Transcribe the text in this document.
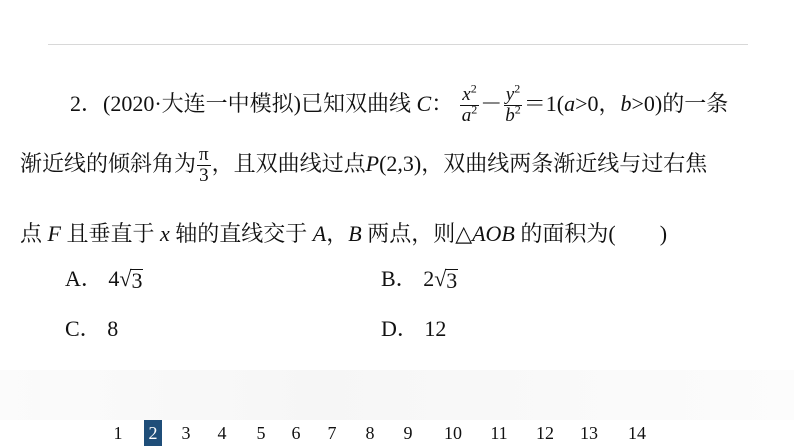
2．(2020·大连一中模拟)已知双曲线 C： $\frac{x^2}{a^2} - \frac{y^2}{b^2} =1(a>0$，b>0)的一条
渐近线的倾斜角为 $\frac{\pi}{3}$ ，且双曲线过点P(2,3)，双曲线两条渐近线与过右焦
点 F 且垂直于 x 轴的直线交于 A，B 两点，则△AOB 的面积为(　　)
A． 4 √ 3	B． 2 √ 3
C． 8	D． 12
1 2 3 4 5 6 7 8 9 10 11 12 13 14
